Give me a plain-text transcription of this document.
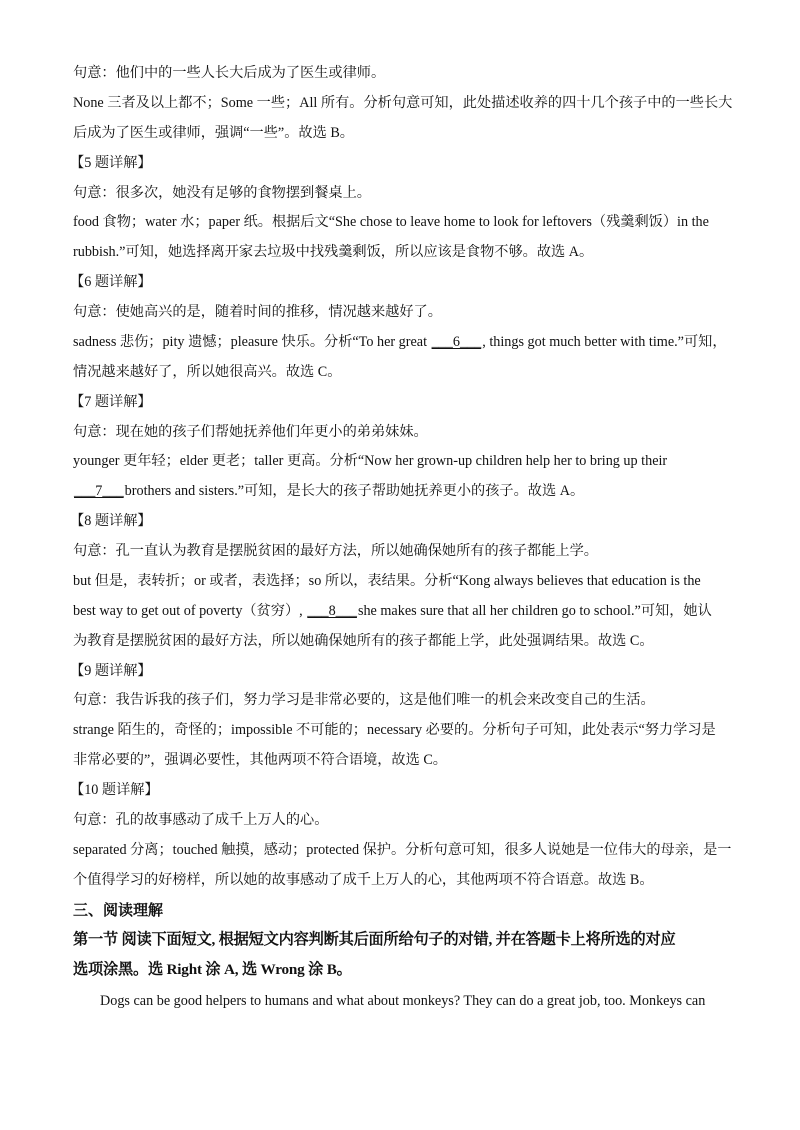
句意：他们中的一些人长大后成为了医生或律师。
None 三者及以上都不；Some 一些；All 所有。分析句意可知，此处描述收养的四十几个孩子中的一些长大
后成为了医生或律师，强调“一些”。故选 B。
【5 题详解】
句意：很多次，她没有足够的食物摆到餐桌上。
food 食物；water 水；paper 纸。根据后文“She chose to leave home to look for leftovers（残羹剩饭）in the
rubbish.”可知，她选择离开家去垃圾中找残羹剩饭，所以应该是食物不够。故选 A。
【6 题详解】
句意：使她高兴的是，随着时间的推移，情况越来越好了。
sadness 悲伤；pity 遗憾；pleasure 快乐。分析“To her great ___6___, things got much better with time.”可知，
情况越来越好了，所以她很高兴。故选 C。
【7 题详解】
句意：现在她的孩子们帮她抚养他们年更小的弟弟妹妹。
younger 更年轻；elder 更老；taller 更高。分析“Now her grown-up children help her to bring up their
___7___brothers and sisters.”可知，是长大的孩子帮助她抚养更小的孩子。故选 A。
【8 题详解】
句意：孔一直认为教育是摆脱贫困的最好方法，所以她确保她所有的孩子都能上学。
but 但是，表转折；or 或者，表选择；so 所以，表结果。分析“Kong always believes that education is the
best way to get out of poverty（贫穷）, ___8___she makes sure that all her children go to school.”可知，她认
为教育是摆脱贫困的最好方法，所以她确保她所有的孩子都能上学，此处强调结果。故选 C。
【9 题详解】
句意：我告诉我的孩子们，努力学习是非常必要的，这是他们唯一的机会来改变自己的生活。
strange 陌生的，奇怪的；impossible 不可能的；necessary 必要的。分析句子可知，此处表示“努力学习是
非常必要的”，强调必要性，其他两项不符合语境，故选 C。
【10 题详解】
句意：孔的故事感动了成千上万人的心。
separated 分离；touched 触摸，感动；protected 保护。分析句意可知，很多人说她是一位伟大的母亲，是一
个值得学习的好榜样，所以她的故事感动了成千上万人的心，其他两项不符合语意。故选 B。
三、阅读理解
第一节 阅读下面短文, 根据短文内容判断其后面所给句子的对错, 并在答题卡上将所选的对应
选项涂黑。选 Right 涂 A, 选 Wrong 涂 B。
Dogs can be good helpers to humans and what about monkeys? They can do a great job, too. Monkeys can
